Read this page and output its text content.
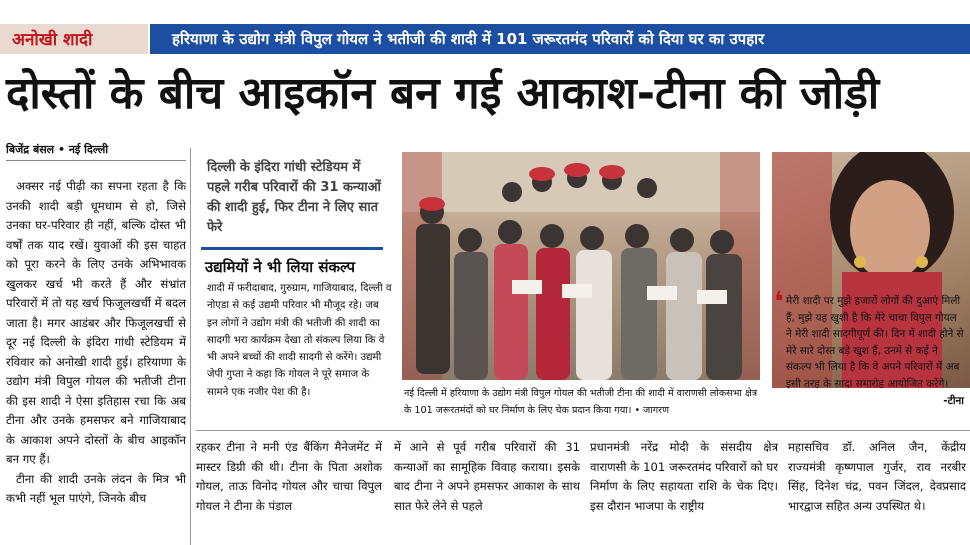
अनोखी शादी	हरियाणा के उद्योग मंत्री विपुल गोयल ने भतीजी की शादी में 101 जरूरतमंद परिवारों को दिया घर का उपहार
दोस्तों के बीच आइकॉन बन गई आकाश-टीना की जोड़ी
बिजेंद्र बंसल • नई दिल्ली

अक्सर नई पीढ़ी का सपना रहता है कि उनकी शादी बड़ी धूमधाम से हो, जिसे उनका घर-परिवार ही नहीं, बल्कि दोस्त भी वर्षों तक याद रखें। युवाओं की इस चाहत को पूरा करने के लिए उनके अभिभावक खुलकर खर्च भी करते हैं और संभ्रांत परिवारों में तो यह खर्च फिजूलखर्ची में बदल जाता है। मगर आडंबर और फिजूलखर्ची से दूर नई दिल्ली के इंदिरा गांधी स्टेडियम में रविवार को अनोखी शादी हुई। हरियाणा के उद्योग मंत्री विपुल गोयल की भतीजी टीना की इस शादी ने ऐसा इतिहास रचा कि अब टीना और उनके हमसफर बने गाजियाबाद के आकाश अपने दोस्तों के बीच आइकॉन बन गए हैं।

टीना की शादी उनके लंदन के मित्र भी कभी नहीं भूल पाएंगे, जिनके बीच

दिल्ली के इंदिरा गांधी स्टेडियम में पहले गरीब परिवारों की 31 कन्याओं की शादी हुई, फिर टीना ने लिए सात फेरे
उद्यमियों ने भी लिया संकल्प
शादी में फरीदाबाद, गुरुग्राम, गाजियाबाद, दिल्ली व नोएडा से कई उद्यमी परिवार भी मौजूद रहे। जब इन लोगों ने उद्योग मंत्री की भतीजी की शादी का सादगी भरा कार्यक्रम देखा तो संकल्प लिया कि वे भी अपने बच्चों की शादी सादगी से करेंगे। उद्यमी जेपी गुप्ता ने कहा कि गोयल ने पूरे समाज के सामने एक नजीर पेश की है।	नई दिल्ली में हरियाणा के उद्योग मंत्री विपुल गोयल की भतीजी टीना की शादी में वाराणसी लोकसभा क्षेत्र के 101 जरूरतमंदों को घर निर्माण के लिए चेक प्रदान किया गया। • जागरण
❛ मेरी शादी पर मुझे हजारों लोगों की दुआएं मिली हैं, मुझे यह खुशी है कि मेरे चाचा विपुल गोयल ने मेरी शादी सादगीपूर्ण की। दिन में शादी होने से मेरे सारे दोस्त बड़े खुश हैं, उनमें से कई ने संकल्प भी लिया है कि वे अपने परिवारों में अब इसी तरह के सादा समारोह आयोजित करेंगे।
-टीना
रहकर टीना ने मनी एंड बैंकिंग मैनेजमेंट में मास्टर डिग्री की थी। टीना के पिता अशोक गोयल, ताऊ विनोद गोयल और चाचा विपुल गोयल ने टीना के पंडाल
में आने से पूर्व गरीब परिवारों की 31 कन्याओं का सामूहिक विवाह कराया। इसके बाद टीना ने अपने हमसफर आकाश के साथ सात फेरे लेने से पहले
प्रधानमंत्री नरेंद्र मोदी के संसदीय क्षेत्र वाराणसी के 101 जरूरतमंद परिवारों को घर निर्माण के लिए सहायता राशि के चेक दिए। इस दौरान भाजपा के राष्ट्रीय
महासचिव डॉ. अनिल जैन, केंद्रीय राज्यमंत्री कृष्णपाल गुर्जर, राव नरबीर सिंह, दिनेश चंद्र, पवन जिंदल, देवप्रसाद भारद्वाज सहित अन्य उपस्थित थे।
